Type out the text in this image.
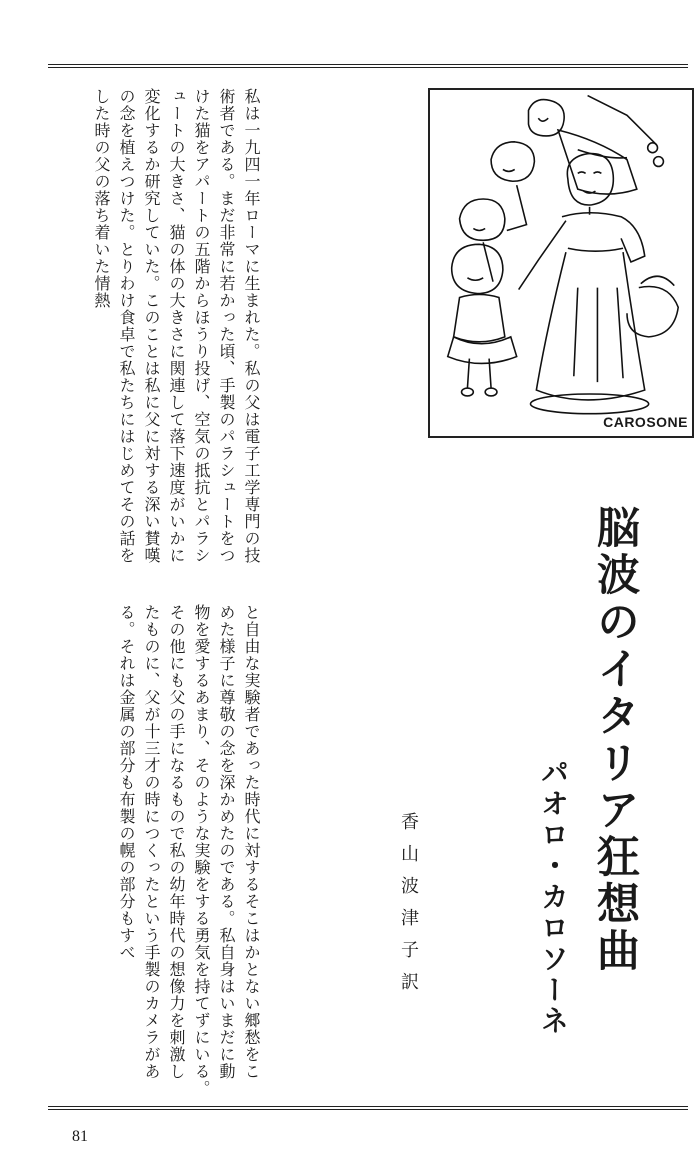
私は一九四一年ローマに生まれた。私の父は電子工学専門の技術者である。まだ非常に若かった頃、手製のパラシュートをつけた猫をアパートの五階からほうり投げ、空気の抵抗とパラシュートの大きさ、猫の体の大きさに関連して落下速度がいかに変化するか研究していた。このことは私に父に対する深い賛嘆の念を植えつけた。とりわけ食卓で私たちにはじめてその話をした時の父の落ち着いた情熱
と自由な実験者であった時代に対するそこはかとない郷愁をこめた様子に尊敬の念を深かめたのである。私自身はいまだに動物を愛するあまり、そのような実験をする勇気を持てずにいる。　その他にも父の手になるもので私の幼年時代の想像力を刺激したものに、父が十三才の時につくったという手製のカメラがある。それは金属の部分も布製の幌の部分もすべ
CAROSONE
脳波のイタリア狂想曲
パオロ・カロソーネ
香山波津子訳
81
